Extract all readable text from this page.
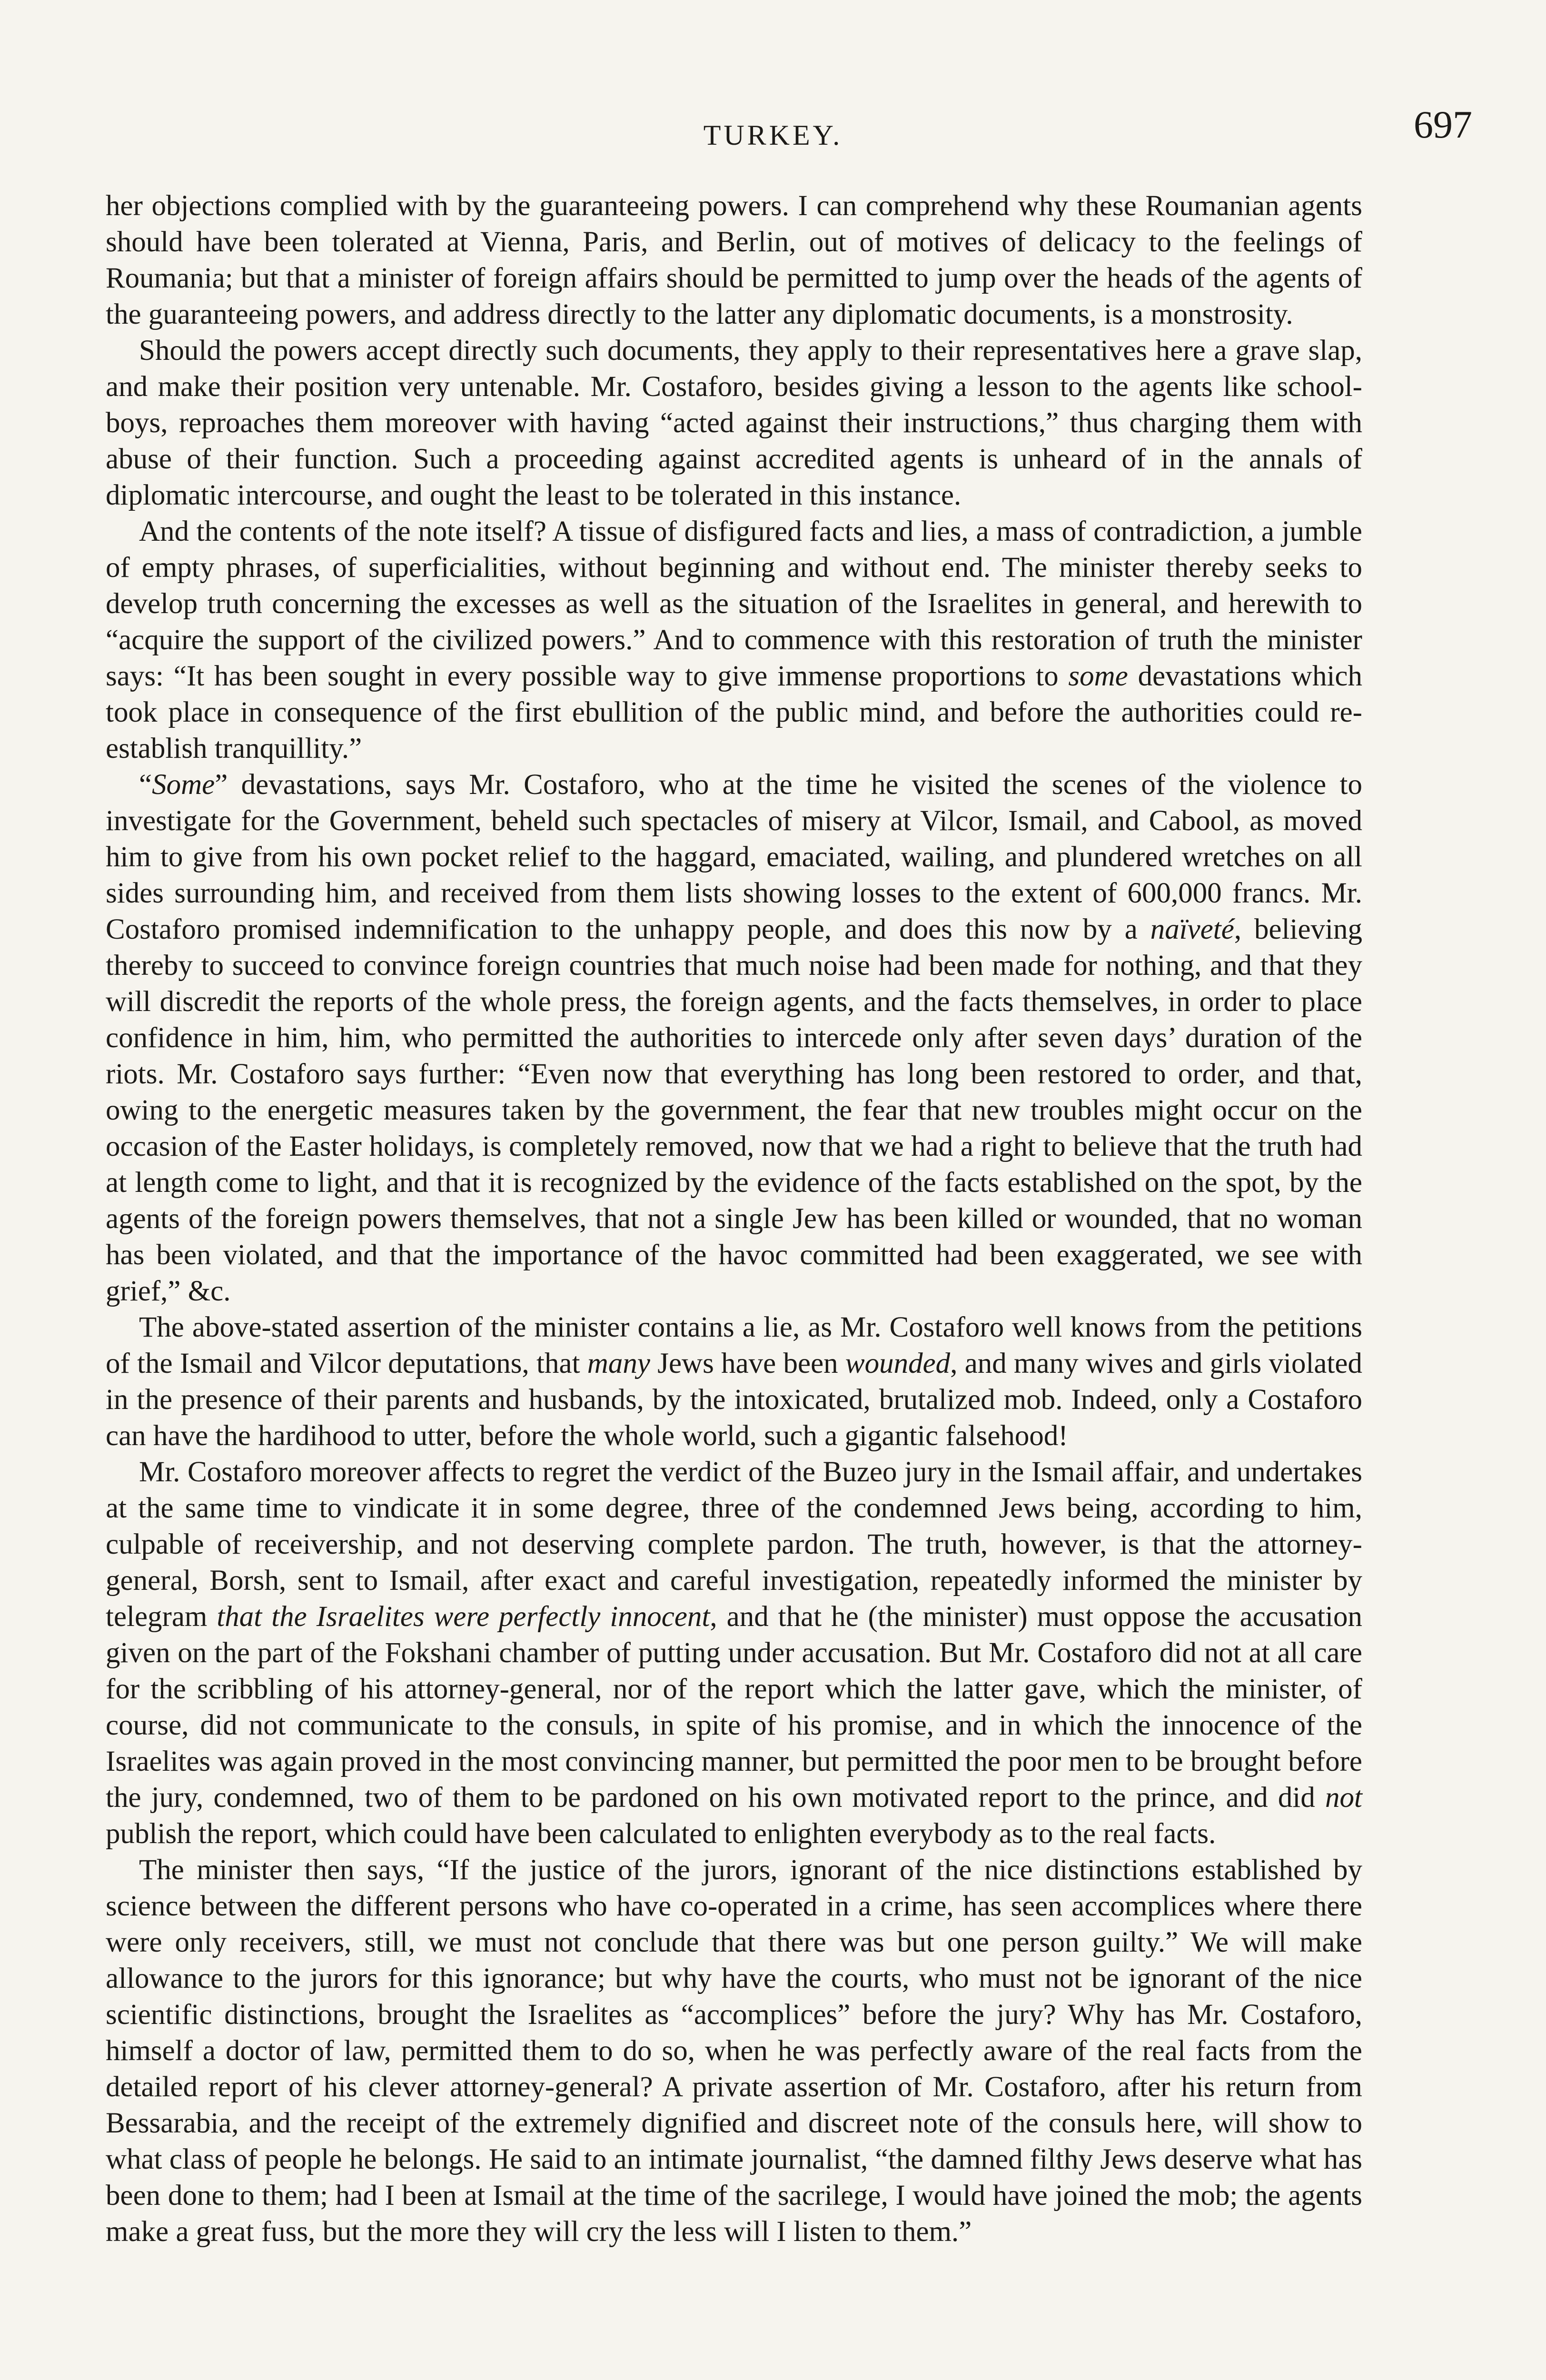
TURKEY.	697

her objections complied with by the guaranteeing powers. I can comprehend why these Roumanian agents should have been tolerated at Vienna, Paris, and Berlin, out of motives of delicacy to the feelings of Roumania; but that a minister of foreign affairs should be permitted to jump over the heads of the agents of the guaranteeing powers, and address directly to the latter any diplomatic documents, is a monstrosity.

Should the powers accept directly such documents, they apply to their representatives here a grave slap, and make their position very untenable. Mr. Costaforo, besides giving a lesson to the agents like school-boys, reproaches them moreover with having “acted against their instructions,” thus charging them with abuse of their function. Such a proceeding against accredited agents is unheard of in the annals of diplomatic intercourse, and ought the least to be tolerated in this instance.

And the contents of the note itself? A tissue of disfigured facts and lies, a mass of contradiction, a jumble of empty phrases, of superficialities, without beginning and without end. The minister thereby seeks to develop truth concerning the excesses as well as the situation of the Israelites in general, and herewith to “acquire the support of the civilized powers.” And to commence with this restoration of truth the minister says: “It has been sought in every possible way to give immense proportions to some devastations which took place in consequence of the first ebullition of the public mind, and before the authorities could re-establish tranquillity.”

“Some” devastations, says Mr. Costaforo, who at the time he visited the scenes of the violence to investigate for the Government, beheld such spectacles of misery at Vilcor, Ismail, and Cabool, as moved him to give from his own pocket relief to the haggard, emaciated, wailing, and plundered wretches on all sides surrounding him, and received from them lists showing losses to the extent of 600,000 francs. Mr. Costaforo promised indemnification to the unhappy people, and does this now by a naïveté, believing thereby to succeed to convince foreign countries that much noise had been made for nothing, and that they will discredit the reports of the whole press, the foreign agents, and the facts themselves, in order to place confidence in him, him, who permitted the authorities to intercede only after seven days’ duration of the riots. Mr. Costaforo says further: “Even now that everything has long been restored to order, and that, owing to the energetic measures taken by the government, the fear that new troubles might occur on the occasion of the Easter holidays, is completely removed, now that we had a right to believe that the truth had at length come to light, and that it is recognized by the evidence of the facts established on the spot, by the agents of the foreign powers themselves, that not a single Jew has been killed or wounded, that no woman has been violated, and that the importance of the havoc committed had been exaggerated, we see with grief,” &c.

The above-stated assertion of the minister contains a lie, as Mr. Costaforo well knows from the petitions of the Ismail and Vilcor deputations, that many Jews have been wounded, and many wives and girls violated in the presence of their parents and husbands, by the intoxicated, brutalized mob. Indeed, only a Costaforo can have the hardihood to utter, before the whole world, such a gigantic falsehood!

Mr. Costaforo moreover affects to regret the verdict of the Buzeo jury in the Ismail affair, and undertakes at the same time to vindicate it in some degree, three of the condemned Jews being, according to him, culpable of receivership, and not deserving complete pardon. The truth, however, is that the attorney-general, Borsh, sent to Ismail, after exact and careful investigation, repeatedly informed the minister by telegram that the Israelites were perfectly innocent, and that he (the minister) must oppose the accusation given on the part of the Fokshani chamber of putting under accusation. But Mr. Costaforo did not at all care for the scribbling of his attorney-general, nor of the report which the latter gave, which the minister, of course, did not communicate to the consuls, in spite of his promise, and in which the innocence of the Israelites was again proved in the most convincing manner, but permitted the poor men to be brought before the jury, condemned, two of them to be pardoned on his own motivated report to the prince, and did not publish the report, which could have been calculated to enlighten everybody as to the real facts.

The minister then says, “If the justice of the jurors, ignorant of the nice distinctions established by science between the different persons who have co-operated in a crime, has seen accomplices where there were only receivers, still, we must not conclude that there was but one person guilty.” We will make allowance to the jurors for this ignorance; but why have the courts, who must not be ignorant of the nice scientific distinctions, brought the Israelites as “accomplices” before the jury? Why has Mr. Costaforo, himself a doctor of law, permitted them to do so, when he was perfectly aware of the real facts from the detailed report of his clever attorney-general? A private assertion of Mr. Costaforo, after his return from Bessarabia, and the receipt of the extremely dignified and discreet note of the consuls here, will show to what class of people he belongs. He said to an intimate journalist, “the damned filthy Jews deserve what has been done to them; had I been at Ismail at the time of the sacrilege, I would have joined the mob; the agents make a great fuss, but the more they will cry the less will I listen to them.”
